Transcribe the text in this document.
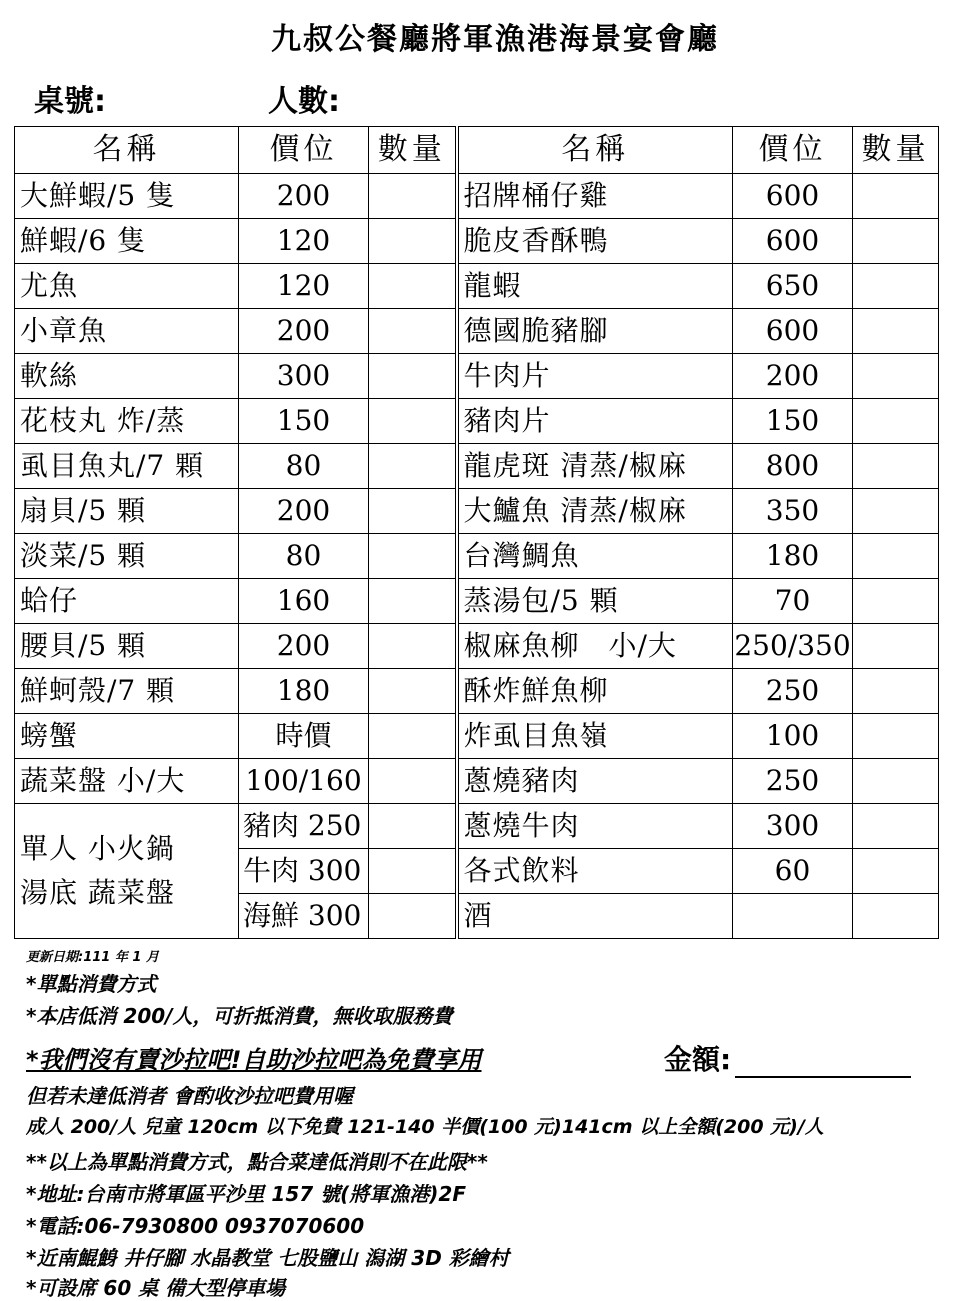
九叔公餐廳將軍漁港海景宴會廳
桌號:	人數:
名稱	價位	數量	名稱	價位	數量
大鮮蝦/5 隻	200		招牌桶仔雞	600	
鮮蝦/6 隻	120		脆皮香酥鴨	600	
尤魚	120		龍蝦	650	
小章魚	200		德國脆豬腳	600	
軟絲	300		牛肉片	200	
花枝丸 炸/蒸	150		豬肉片	150	
虱目魚丸/7 顆	80		龍虎斑 清蒸/椒麻	800	
扇貝/5 顆	200		大鱸魚 清蒸/椒麻	350	
淡菜/5 顆	80		台灣鯛魚	180	
蛤仔	160		蒸湯包/5 顆	70	
腰貝/5 顆	200		椒麻魚柳　小/大	250/350	
鮮蚵殼/7 顆	180		酥炸鮮魚柳	250	
螃蟹	時價		炸虱目魚嶺	100	
蔬菜盤 小/大	100/160		蔥燒豬肉	250	

單人 小火鍋
湯底 蔬菜盤	豬肉 250		蔥燒牛肉	300	
	牛肉 300		各式飲料	60	
	海鮮 300		酒		
更新日期:111 年 1 月
*單點消費方式
*本店低消 200/人，可折抵消費，無收取服務費
*我們沒有賣沙拉吧!自助沙拉吧為免費享用	金額:
但若未達低消者 會酌收沙拉吧費用喔
成人 200/人 兒童 120cm 以下免費 121-140 半價(100 元)141cm 以上全額(200 元)/人
**以上為單點消費方式，點合菜達低消則不在此限**
*地址:台南市將軍區平沙里 157 號(將軍漁港)2F
*電話:06-7930800 0937070600
*近南鯤鯓 井仔腳 水晶教堂 七股鹽山 潟湖 3D 彩繪村
*可設席 60 桌 備大型停車場
